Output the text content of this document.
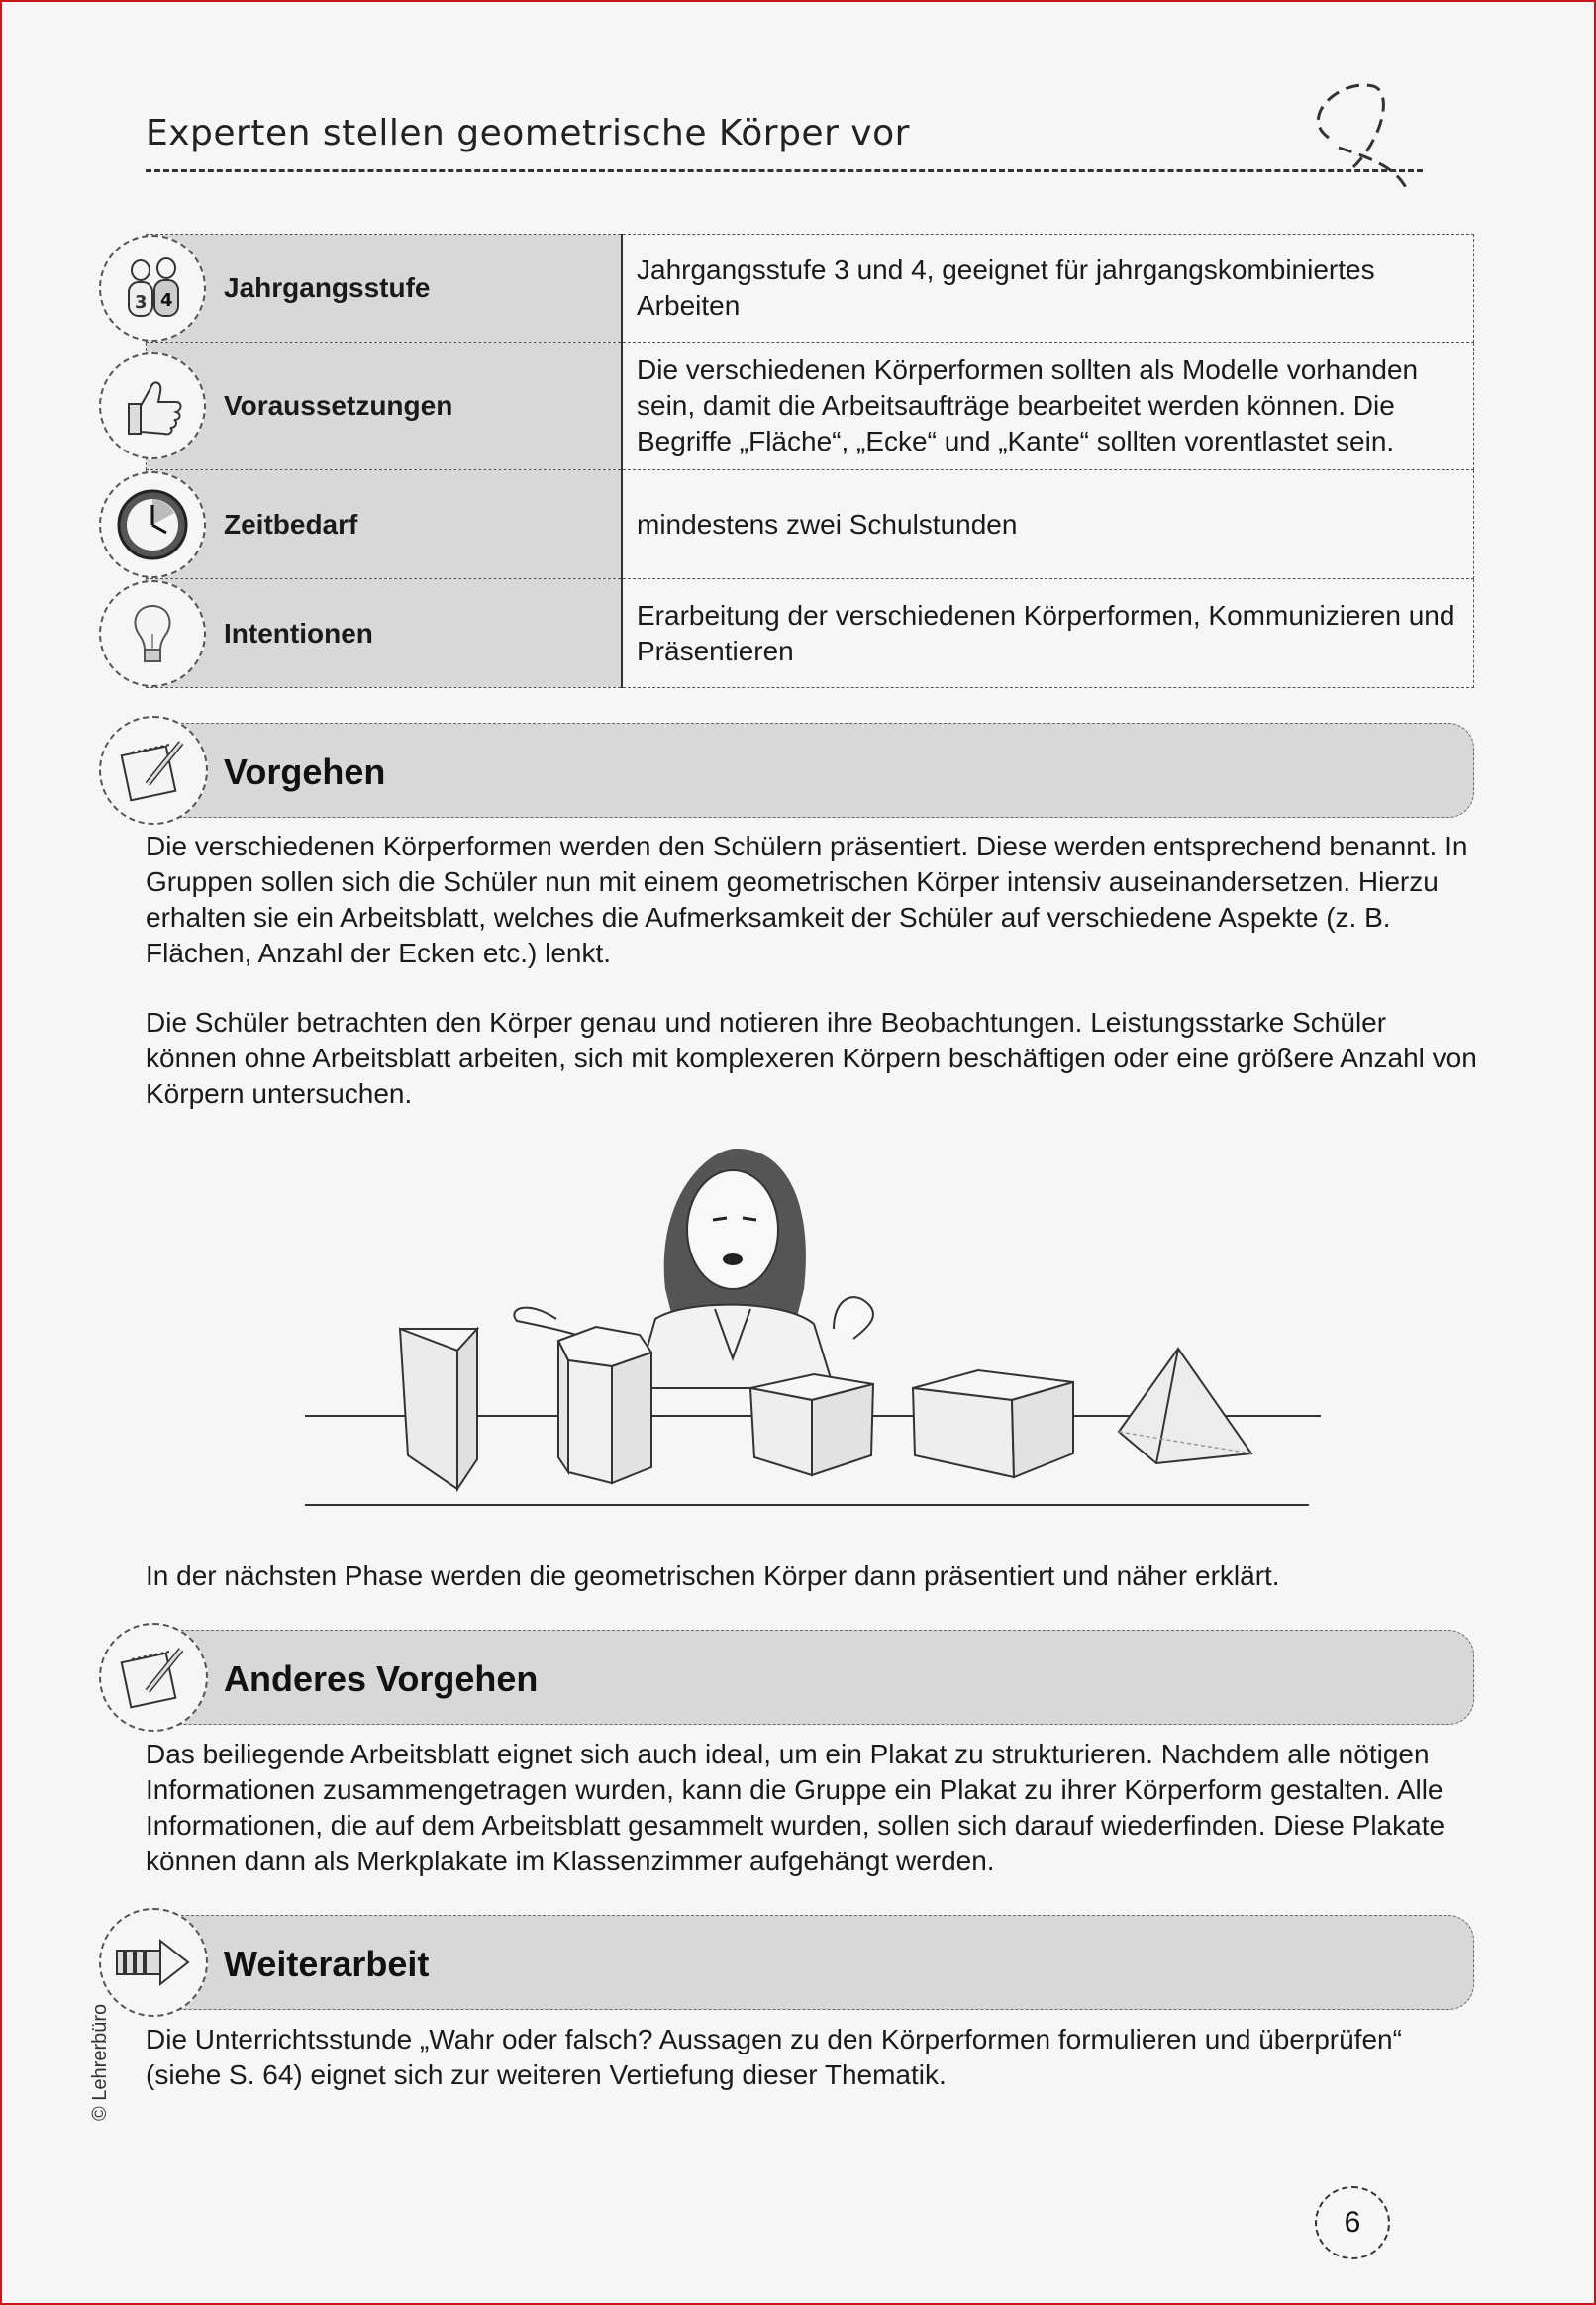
Experten stellen geometrische Körper vor
3 4 Jahrgangsstufe	Jahrgangsstufe 3 und 4, geeignet für jahrgangskombiniertes Arbeiten

Voraussetzungen	Die verschiedenen Körperformen sollten als Modelle vorhanden sein, damit die Arbeitsaufträge bearbeitet werden können. Die Begriffe „Fläche“, „Ecke“ und „Kante“ sollten vorentlastet sein.

Zeitbedarf	mindestens zwei Schulstunden

Intentionen	Erarbeitung der verschiedenen Körperformen, Kommunizieren und Präsentieren
Vorgehen
Die verschiedenen Körperformen werden den Schülern präsentiert. Diese werden entsprechend benannt. In Gruppen sollen sich die Schüler nun mit einem geometrischen Körper intensiv auseinandersetzen. Hierzu erhalten sie ein Arbeitsblatt, welches die Aufmerksamkeit der Schüler auf verschiedene Aspekte (z. B. Flächen, Anzahl der Ecken etc.) lenkt.
Die Schüler betrachten den Körper genau und notieren ihre Beobachtungen. Leistungsstarke Schüler können ohne Arbeitsblatt arbeiten, sich mit komplexeren Körpern beschäftigen oder eine größere Anzahl von Körpern untersuchen.
In der nächsten Phase werden die geometrischen Körper dann präsentiert und näher erklärt.
Anderes Vorgehen
Das beiliegende Arbeitsblatt eignet sich auch ideal, um ein Plakat zu strukturieren. Nachdem alle nötigen Informationen zusammengetragen wurden, kann die Gruppe ein Plakat zu ihrer Körperform gestalten. Alle Informationen, die auf dem Arbeitsblatt gesammelt wurden, sollen sich darauf wiederfinden. Diese Plakate können dann als Merkplakate im Klassenzimmer aufgehängt werden.
Weiterarbeit
Die Unterrichtsstunde „Wahr oder falsch? Aussagen zu den Körperformen formulieren und überprüfen“ (siehe S. 64) eignet sich zur weiteren Vertiefung dieser Thematik.
© Lehrerbüro
6
